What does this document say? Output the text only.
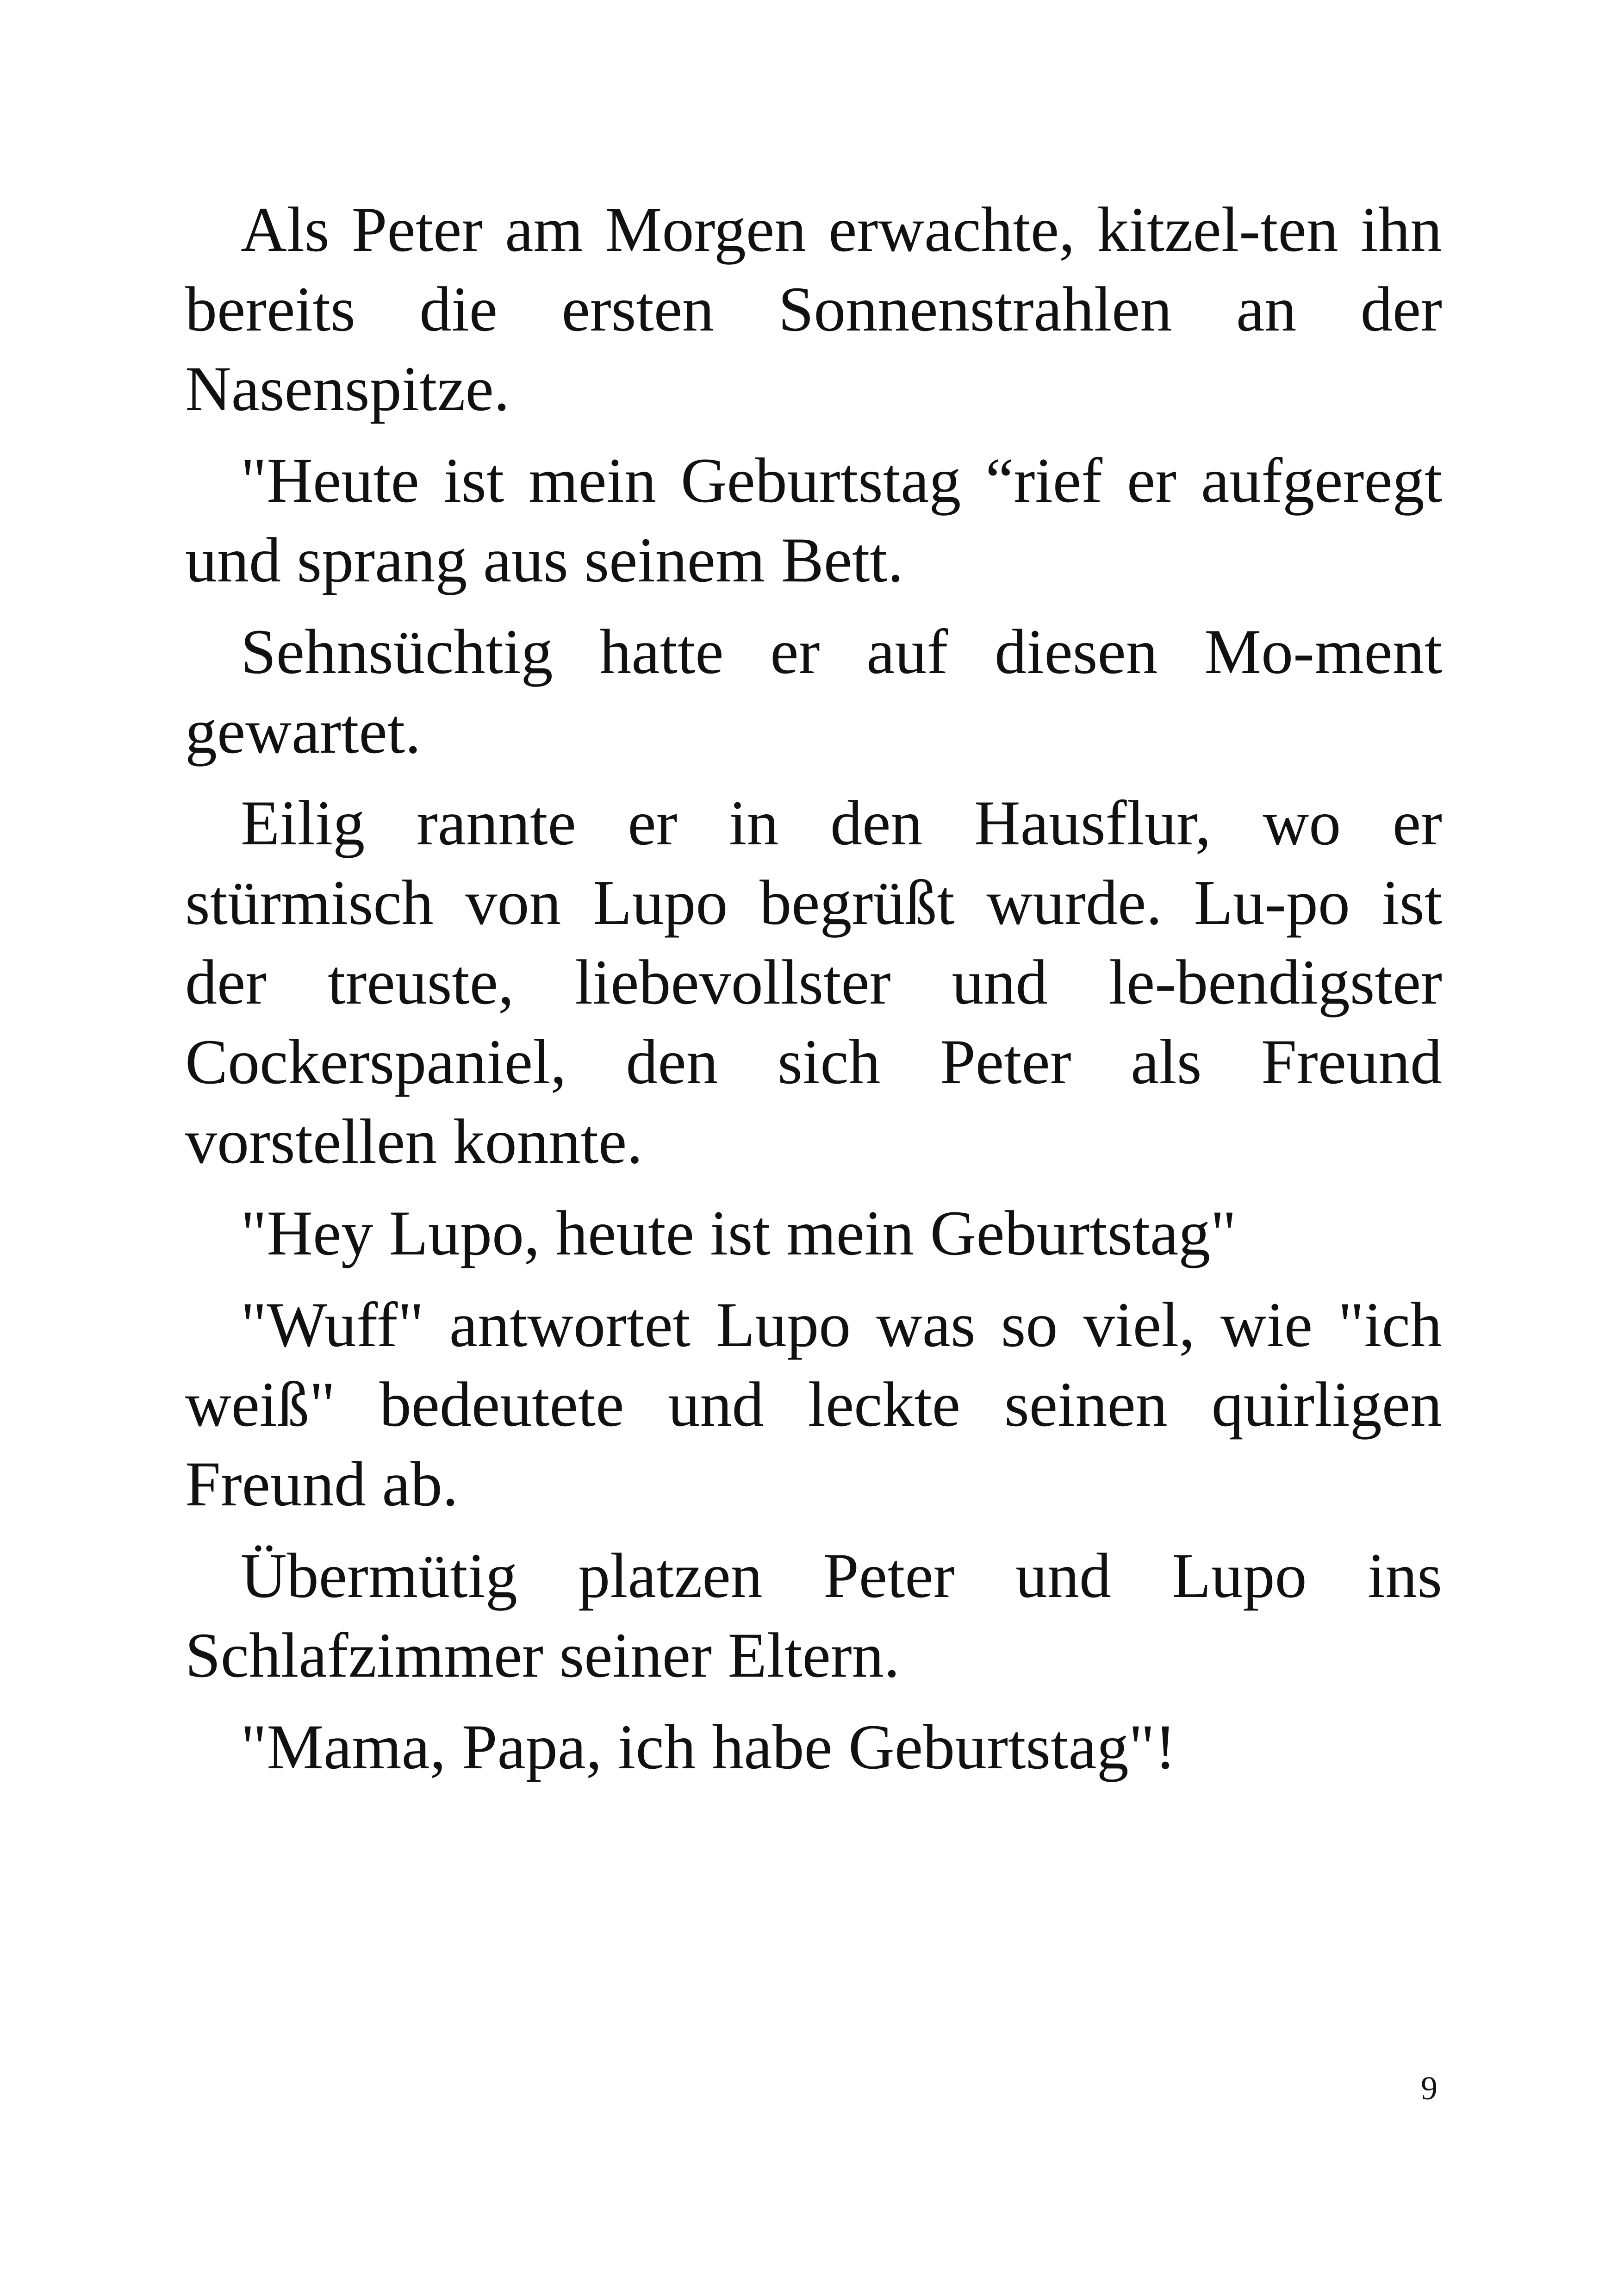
Als Peter am Morgen erwachte, kitzel-ten ihn bereits die ersten Sonnenstrahlen an der Nasenspitze.

"Heute ist mein Geburtstag “rief er aufgeregt und sprang aus seinem Bett.

Sehnsüchtig hatte er auf diesen Mo-ment gewartet.

Eilig rannte er in den Hausflur, wo er stürmisch von Lupo begrüßt wurde. Lu-po ist der treuste, liebevollster und le-bendigster Cockerspaniel, den sich Peter als Freund vorstellen konnte.

"Hey Lupo, heute ist mein Geburtstag"

"Wuff" antwortet Lupo was so viel, wie "ich weiß" bedeutete und leckte seinen quirligen Freund ab.

Übermütig platzen Peter und Lupo ins Schlafzimmer seiner Eltern.

"Mama, Papa, ich habe Geburtstag"!

9
